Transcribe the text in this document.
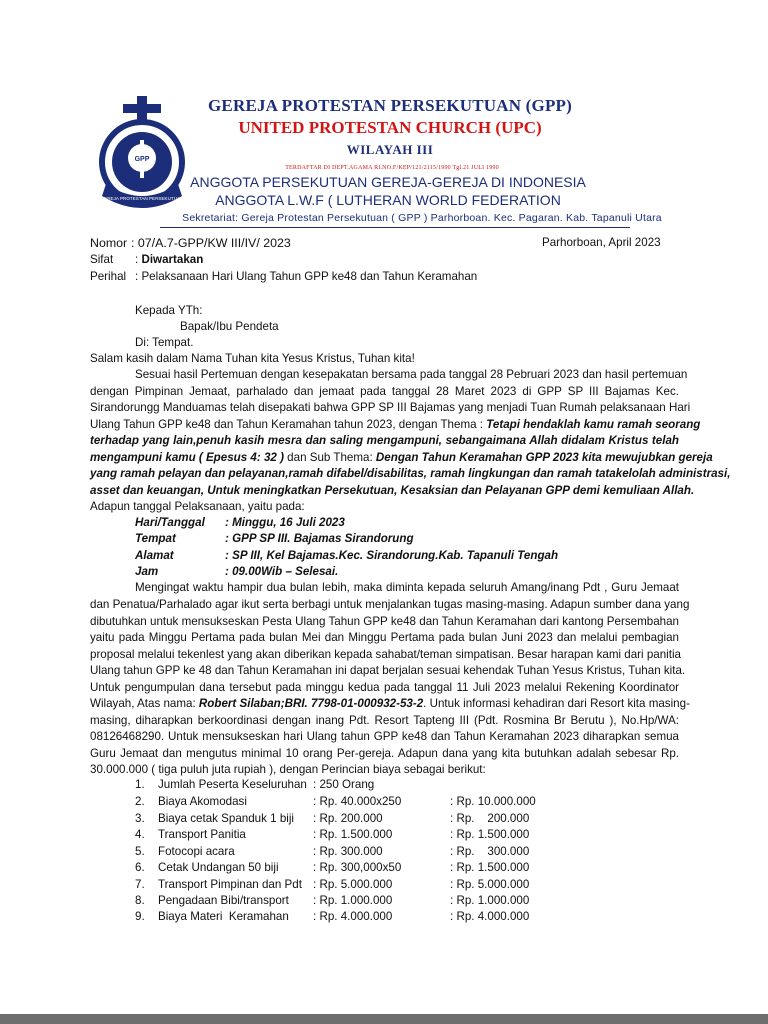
GEREJA PROTESTAN PERSEKUTUAN
GPP
GEREJA PROTESTAN PERSEKUTUAN (GPP)
UNITED PROTESTAN CHURCH (UPC)
WILAYAH III
TERDAFTAR DI DEPT.AGAMA RI.NO.F/KEP/121/2115/1990 Tgl.21 JULI 1990
ANGGOTA PERSEKUTUAN GEREJA-GEREJA DI INDONESIA
ANGGOTA L.W.F ( LUTHERAN WORLD FEDERATION
Sekretariat: Gereja Protestan Persekutuan ( GPP ) Parhorboan. Kec. Pagaran. Kab. Tapanuli Utara
Nomor : 07/A.7-GPP/KW III/IV/ 2023	Parhorboan, April 2023
Sifat : Diwartakan
Perihal : Pelaksanaan Hari Ulang Tahun GPP ke48 dan Tahun Keramahan
Kepada YTh:
Bapak/Ibu Pendeta
Di: Tempat.
Salam kasih dalam Nama Tuhan kita Yesus Kristus, Tuhan kita!
Sesuai hasil Pertemuan dengan kesepakatan bersama pada tanggal 28 Pebruari 2023 dan hasil pertemuan
dengan Pimpinan Jemaat, parhalado dan jemaat pada tanggal 28 Maret 2023 di GPP SP III Bajamas Kec.
Sirandorungg Manduamas telah disepakati bahwa GPP SP III Bajamas yang menjadi Tuan Rumah pelaksanaan Hari
Ulang Tahun GPP ke48 dan Tahun Keramahan tahun 2023, dengan Thema : Tetapi hendaklah kamu ramah seorang
terhadap yang lain,penuh kasih mesra dan saling mengampuni, sebangaimana Allah didalam Kristus telah
mengampuni kamu ( Epesus 4: 32 ) dan Sub Thema: Dengan Tahun Keramahan GPP 2023 kita mewujubkan gereja
yang ramah pelayan dan pelayanan,ramah difabel/disabilitas, ramah lingkungan dan ramah tatakelolah administrasi,
asset dan keuangan, Untuk meningkatkan Persekutuan, Kesaksian dan Pelayanan GPP demi kemuliaan Allah.
Adapun tanggal Pelaksanaan, yaitu pada:
Hari/Tanggal : Minggu, 16 Juli 2023
Tempat	: GPP SP III. Bajamas Sirandorung
Alamat	: SP III, Kel Bajamas.Kec. Sirandorung.Kab. Tapanuli Tengah
Jam	: 09.00Wib – Selesai.
Mengingat waktu hampir dua bulan lebih, maka diminta kepada seluruh Amang/inang Pdt , Guru Jemaat
dan Penatua/Parhalado agar ikut serta berbagi untuk menjalankan tugas masing-masing. Adapun sumber dana yang
dibutuhkan untuk mensukseskan Pesta Ulang Tahun GPP ke48 dan Tahun Keramahan dari kantong Persembahan
yaitu pada Minggu Pertama pada bulan Mei dan Minggu Pertama pada bulan Juni 2023 dan melalui pembagian
proposal melalui tekenlest yang akan diberikan kepada sahabat/teman simpatisan. Besar harapan kami dari panitia
Ulang tahun GPP ke 48 dan Tahun Keramahan ini dapat berjalan sesuai kehendak Tuhan Yesus Kristus, Tuhan kita.
Untuk pengumpulan dana tersebut pada minggu kedua pada tanggal 11 Juli 2023 melalui Rekening Koordinator
Wilayah, Atas nama: Robert Silaban;BRI. 7798-01-000932-53-2. Untuk informasi kehadiran dari Resort kita masing-
masing, diharapkan berkoordinasi dengan inang Pdt. Resort Tapteng III (Pdt. Rosmina Br Berutu ), No.Hp/WA:
08126468290. Untuk mensukseskan hari Ulang tahun GPP ke48 dan Tahun Keramahan 2023 diharapkan semua
Guru Jemaat dan mengutus minimal 10 orang Per-gereja. Adapun dana yang kita butuhkan adalah sebesar Rp.
30.000.000 ( tiga puluh juta rupiah ), dengan Perincian biaya sebagai berikut:
1. Jumlah Peserta Keseluruhan : 250 Orang
2. Biaya Akomodasi	: Rp. 40.000x250	: Rp. 10.000.000
3. Biaya cetak Spanduk 1 biji : Rp. 200.000	: Rp.    200.000
4. Transport Panitia	: Rp. 1.500.000	: Rp. 1.500.000
5. Fotocopi acara	: Rp. 300.000	: Rp.    300.000
6. Cetak Undangan 50 biji	: Rp. 300,000x50	: Rp. 1.500.000
7. Transport Pimpinan dan Pdt : Rp. 5.000.000	: Rp. 5.000.000
8. Pengadaan Bibi/transport : Rp. 1.000.000	: Rp. 1.000.000
9. Biaya Materi  Keramahan : Rp. 4.000.000	: Rp. 4.000.000
